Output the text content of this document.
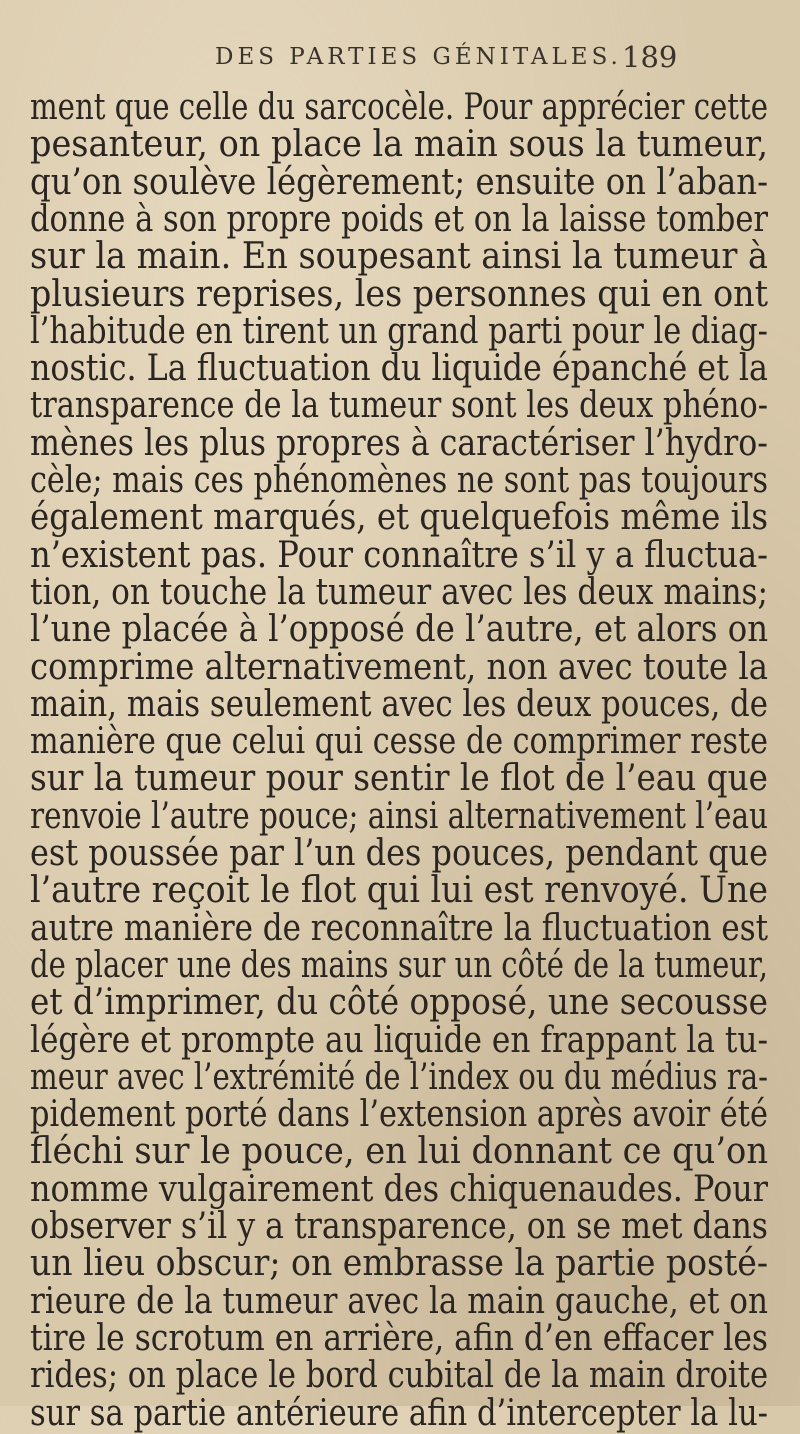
DES PARTIES GÉNITALES. 189
ment que celle du sarcocèle. Pour apprécier cette
pesanteur, on place la main sous la tumeur,
qu’on soulève légèrement; ensuite on l’aban-
donne à son propre poids et on la laisse tomber
sur la main. En soupesant ainsi la tumeur à
plusieurs reprises, les personnes qui en ont
l’habitude en tirent un grand parti pour le diag-
nostic. La fluctuation du liquide épanché et la
transparence de la tumeur sont les deux phéno-
mènes les plus propres à caractériser l’hydro-
cèle; mais ces phénomènes ne sont pas toujours
également marqués, et quelquefois même ils
n’existent pas. Pour connaître s’il y a fluctua-
tion, on touche la tumeur avec les deux mains;
l’une placée à l’opposé de l’autre, et alors on
comprime alternativement, non avec toute la
main, mais seulement avec les deux pouces, de
manière que celui qui cesse de comprimer reste
sur la tumeur pour sentir le flot de l’eau que
renvoie l’autre pouce; ainsi alternativement l’eau
est poussée par l’un des pouces, pendant que
l’autre reçoit le flot qui lui est renvoyé. Une
autre manière de reconnaître la fluctuation est
de placer une des mains sur un côté de la tumeur,
et d’imprimer, du côté opposé, une secousse
légère et prompte au liquide en frappant la tu-
meur avec l’extrémité de l’index ou du médius ra-
pidement porté dans l’extension après avoir été
fléchi sur le pouce, en lui donnant ce qu’on
nomme vulgairement des chiquenaudes. Pour
observer s’il y a transparence, on se met dans
un lieu obscur; on embrasse la partie posté-
rieure de la tumeur avec la main gauche, et on
tire le scrotum en arrière, afin d’en effacer les
rides; on place le bord cubital de la main droite
sur sa partie antérieure afin d’intercepter la lu-
